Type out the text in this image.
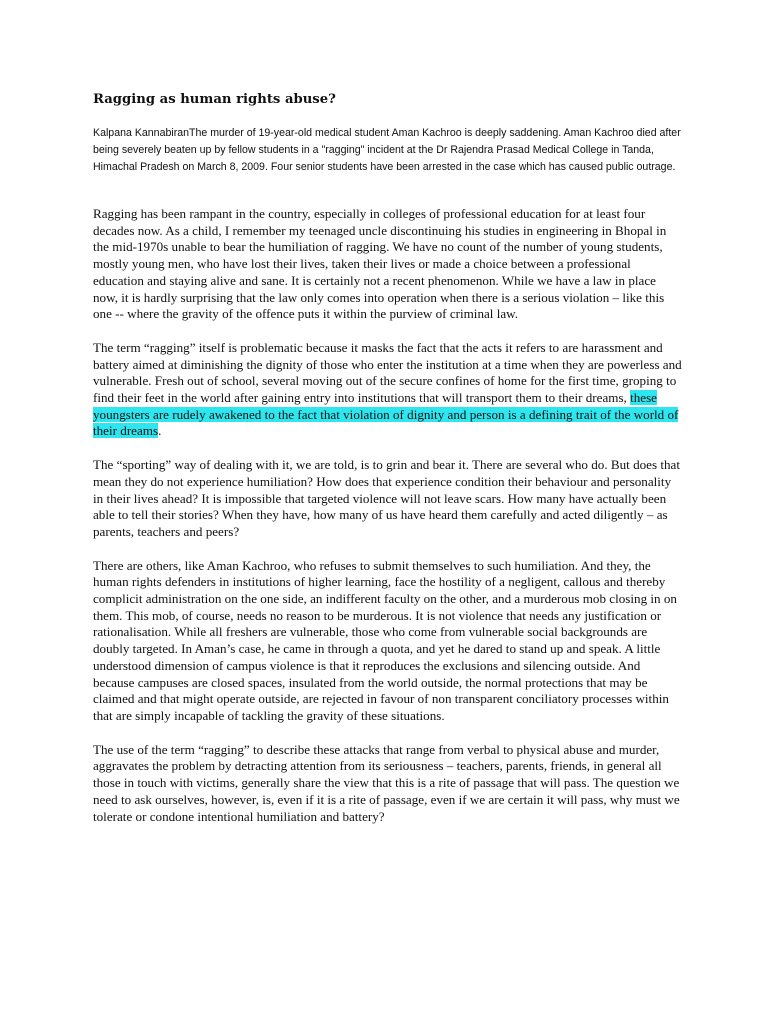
Ragging as human rights abuse?

Kalpana KannabiranThe murder of 19-year-old medical student Aman Kachroo is deeply saddening. Aman Kachroo died after being severely beaten up by fellow students in a "ragging" incident at the Dr Rajendra Prasad Medical College in Tanda, Himachal Pradesh on March 8, 2009. Four senior students have been arrested in the case which has caused public outrage.

Ragging has been rampant in the country, especially in colleges of professional education for at least four decades now. As a child, I remember my teenaged uncle discontinuing his studies in engineering in Bhopal in the mid-1970s unable to bear the humiliation of ragging. We have no count of the number of young students, mostly young men, who have lost their lives, taken their lives or made a choice between a professional education and staying alive and sane. It is certainly not a recent phenomenon. While we have a law in place now, it is hardly surprising that the law only comes into operation when there is a serious violation – like this one -- where the gravity of the offence puts it within the purview of criminal law.

The term “ragging” itself is problematic because it masks the fact that the acts it refers to are harassment and battery aimed at diminishing the dignity of those who enter the institution at a time when they are powerless and vulnerable. Fresh out of school, several moving out of the secure confines of home for the first time, groping to find their feet in the world after gaining entry into institutions that will transport them to their dreams, these youngsters are rudely awakened to the fact that violation of dignity and person is a defining trait of the world of their dreams.

The “sporting” way of dealing with it, we are told, is to grin and bear it. There are several who do. But does that mean they do not experience humiliation? How does that experience condition their behaviour and personality in their lives ahead? It is impossible that targeted violence will not leave scars. How many have actually been able to tell their stories? When they have, how many of us have heard them carefully and acted diligently – as parents, teachers and peers?

There are others, like Aman Kachroo, who refuses to submit themselves to such humiliation. And they, the human rights defenders in institutions of higher learning, face the hostility of a negligent, callous and thereby complicit administration on the one side, an indifferent faculty on the other, and a murderous mob closing in on them. This mob, of course, needs no reason to be murderous. It is not violence that needs any justification or rationalisation. While all freshers are vulnerable, those who come from vulnerable social backgrounds are doubly targeted. In Aman’s case, he came in through a quota, and yet he dared to stand up and speak. A little understood dimension of campus violence is that it reproduces the exclusions and silencing outside. And because campuses are closed spaces, insulated from the world outside, the normal protections that may be claimed and that might operate outside, are rejected in favour of non transparent conciliatory processes within that are simply incapable of tackling the gravity of these situations.

The use of the term “ragging” to describe these attacks that range from verbal to physical abuse and murder, aggravates the problem by detracting attention from its seriousness – teachers, parents, friends, in general all those in touch with victims, generally share the view that this is a rite of passage that will pass. The question we need to ask ourselves, however, is, even if it is a rite of passage, even if we are certain it will pass, why must we tolerate or condone intentional humiliation and battery?
